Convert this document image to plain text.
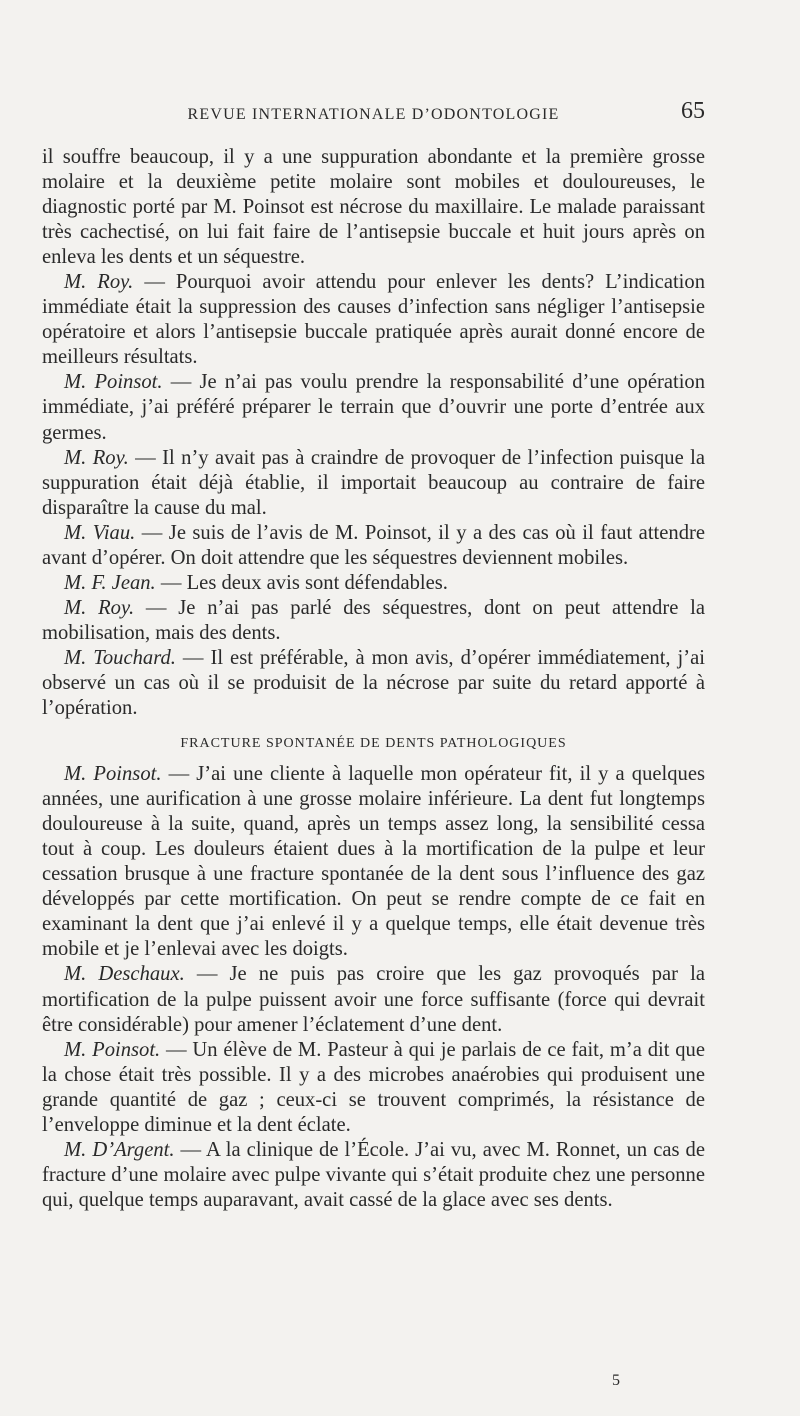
REVUE INTERNATIONALE D’ODONTOLOGIE	65

il souffre beaucoup, il y a une suppuration abondante et la première grosse molaire et la deuxième petite molaire sont mobiles et douloureuses, le diagnostic porté par M. Poinsot est nécrose du maxillaire. Le malade paraissant très cachectisé, on lui fait faire de l’antisepsie buccale et huit jours après on enleva les dents et un séquestre.

M. Roy. — Pourquoi avoir attendu pour enlever les dents? L’indication immédiate était la suppression des causes d’infection sans négliger l’antisepsie opératoire et alors l’antisepsie buccale pratiquée après aurait donné encore de meilleurs résultats.

M. Poinsot. — Je n’ai pas voulu prendre la responsabilité d’une opération immédiate, j’ai préféré préparer le terrain que d’ouvrir une porte d’entrée aux germes.

M. Roy. — Il n’y avait pas à craindre de provoquer de l’infection puisque la suppuration était déjà établie, il importait beaucoup au contraire de faire disparaître la cause du mal.

M. Viau. — Je suis de l’avis de M. Poinsot, il y a des cas où il faut attendre avant d’opérer. On doit attendre que les séquestres deviennent mobiles.

M. F. Jean. — Les deux avis sont défendables.

M. Roy. — Je n’ai pas parlé des séquestres, dont on peut attendre la mobilisation, mais des dents.

M. Touchard. — Il est préférable, à mon avis, d’opérer immédiatement, j’ai observé un cas où il se produisit de la nécrose par suite du retard apporté à l’opération.

FRACTURE SPONTANÉE DE DENTS PATHOLOGIQUES

M. Poinsot. — J’ai une cliente à laquelle mon opérateur fit, il y a quelques années, une aurification à une grosse molaire inférieure. La dent fut longtemps douloureuse à la suite, quand, après un temps assez long, la sensibilité cessa tout à coup. Les douleurs étaient dues à la mortification de la pulpe et leur cessation brusque à une fracture spontanée de la dent sous l’influence des gaz développés par cette mortification. On peut se rendre compte de ce fait en examinant la dent que j’ai enlevé il y a quelque temps, elle était devenue très mobile et je l’enlevai avec les doigts.

M. Deschaux. — Je ne puis pas croire que les gaz provoqués par la mortification de la pulpe puissent avoir une force suffisante (force qui devrait être considérable) pour amener l’éclatement d’une dent.

M. Poinsot. — Un élève de M. Pasteur à qui je parlais de ce fait, m’a dit que la chose était très possible. Il y a des microbes anaérobies qui produisent une grande quantité de gaz ; ceux-ci se trouvent comprimés, la résistance de l’enveloppe diminue et la dent éclate.

M. D’Argent. — A la clinique de l’École. J’ai vu, avec M. Ronnet, un cas de fracture d’une molaire avec pulpe vivante qui s’était produite chez une personne qui, quelque temps auparavant, avait cassé de la glace avec ses dents.

5
